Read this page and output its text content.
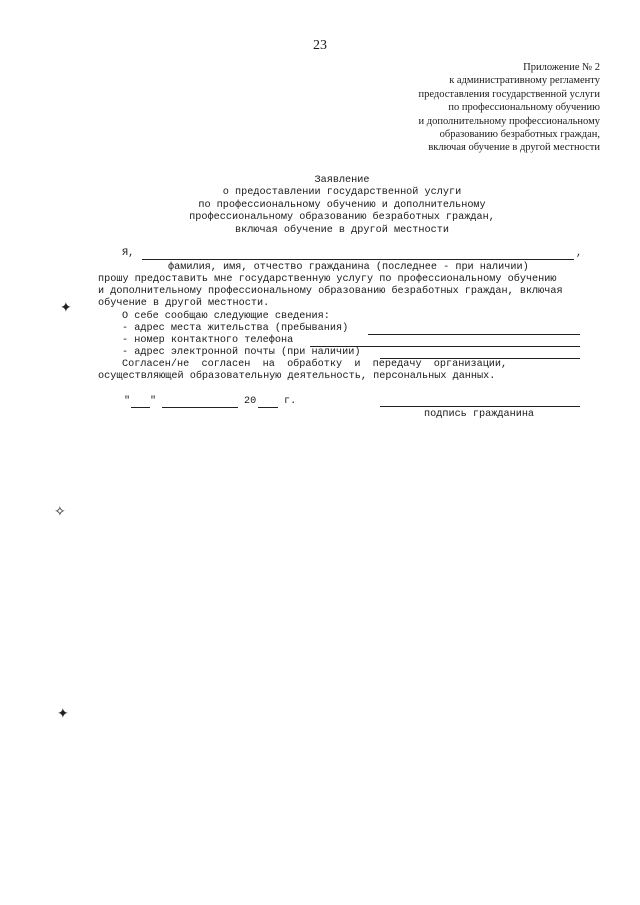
23
Приложение № 2
к административному регламенту
предоставления государственной услуги
по профессиональному обучению
и дополнительному профессиональному
образованию безработных граждан,
включая обучение в другой местности
Заявление
о предоставлении государственной услуги
по профессиональному обучению и дополнительному
профессиональному образованию безработных граждан,
включая обучение в другой местности
Я,	,
фамилия, имя, отчество гражданина (последнее - при наличии)
прошу предоставить мне государственную услугу по профессиональному обучению
и дополнительному профессиональному образованию безработных граждан, включая
обучение в другой местности.
О себе сообщаю следующие сведения:
- адрес места жительства (пребывания)
- номер контактного телефона
- адрес электронной почты (при наличии)
Согласен/не  согласен  на  обработку  и  передачу  организации,
осуществляющей образовательную деятельность, персональных данных.
" "	20	г.
подпись гражданина
✦
✧
✦
